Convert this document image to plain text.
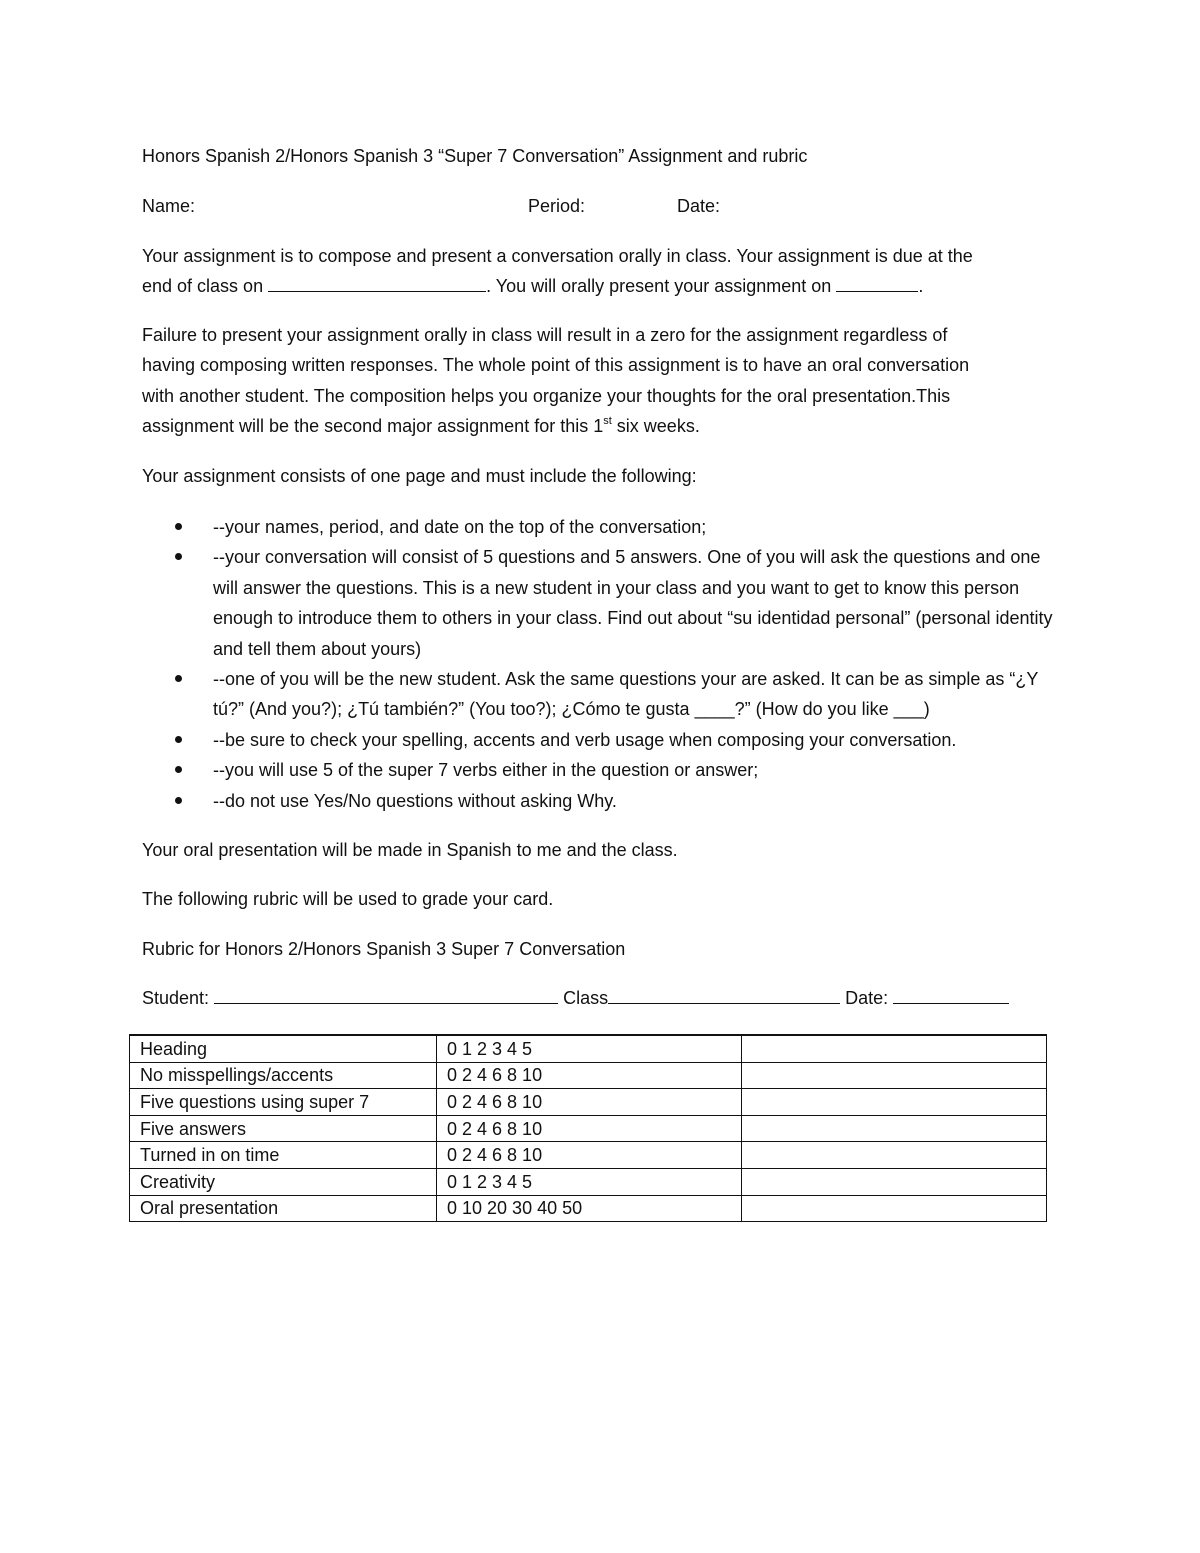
Honors Spanish 2/Honors Spanish 3 “Super 7 Conversation” Assignment and rubric
Name:	Period:	Date:

Your assignment is to compose and present a conversation orally in class. Your assignment is due at the

end of class on	. You will orally present your assignment on	.

Failure to present your assignment orally in class will result in a zero for the assignment regardless of

having composing written responses. The whole point of this assignment is to have an oral conversation

with another student. The composition helps you organize your thoughts for the oral presentation.This

assignment will be the second major assignment for this 1st six weeks.

Your assignment consists of one page and must include the following:
--your names, period, and date on the top of the conversation;
--your conversation will consist of 5 questions and 5 answers. One of you will ask the questions and one will answer the questions. This is a new student in your class and you want to get to know this person enough to introduce them to others in your class. Find out about “su identidad personal” (personal identity and tell them about yours)
--one of you will be the new student. Ask the same questions your are asked. It can be as simple as “¿Y tú?” (And you?); ¿Tú también?” (You too?); ¿Cómo te gusta ____?” (How do you like ___)
--be sure to check your spelling, accents and verb usage when composing your conversation.
--you will use 5 of the super 7 verbs either in the question or answer;
--do not use Yes/No questions without asking Why.
Your oral presentation will be made in Spanish to me and the class.
The following rubric will be used to grade your card.
Rubric for Honors 2/Honors Spanish 3 Super 7 Conversation
Student:	Class	Date:
Heading	0 1 2 3 4 5	
No misspellings/accents	0 2 4 6 8 10	
Five questions using super 7	0 2 4 6 8 10	
Five answers	0 2 4 6 8 10	
Turned in on time	0 2 4 6 8 10	
Creativity	0 1 2 3 4 5	
Oral presentation	0 10 20 30 40 50	
